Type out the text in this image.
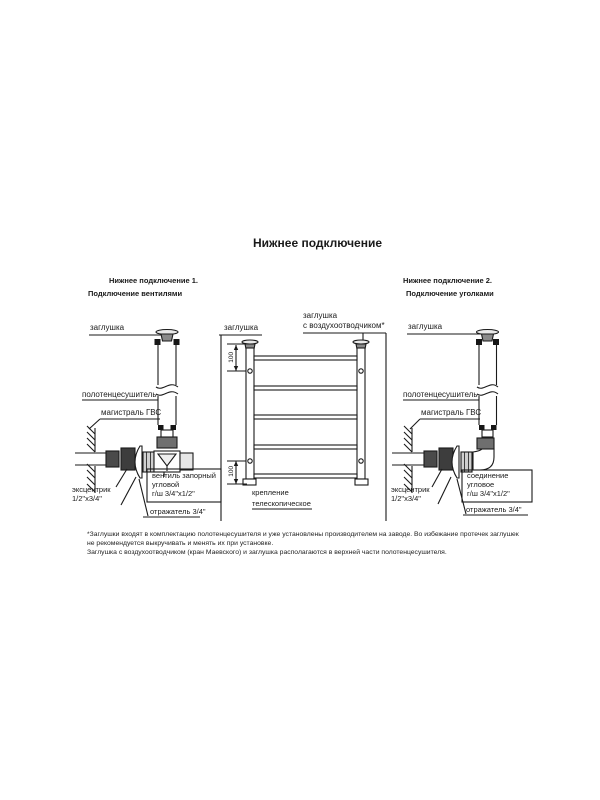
Нижнее подключение
Нижнее подключение 1.
Подключение вентилями
Нижнее подключение 2.
Подключение уголками
заглушка
полотенцесушитель
магистраль ГВС
эксцентрик
1/2"х3/4"
вентиль запорный
угловой
г/ш 3/4"х1/2"
отражатель 3/4"
заглушка
заглушка
с воздухоотводчиком*
100
100
крепление
телескопическое
заглушка
полотенцесушитель
магистраль ГВС
эксцентрик
1/2"х3/4"
соединение
угловое
г/ш 3/4"х1/2"
отражатель 3/4"
*Заглушки входят в комплектацию полотенцесушителя и уже установлены производителем на заводе. Во избежание протечек заглушек
не рекомендуется выкручивать и менять их при установке.
Заглушка с воздухоотводчиком (кран Маевского) и заглушка располагаются в верхней части полотенцесушителя.
